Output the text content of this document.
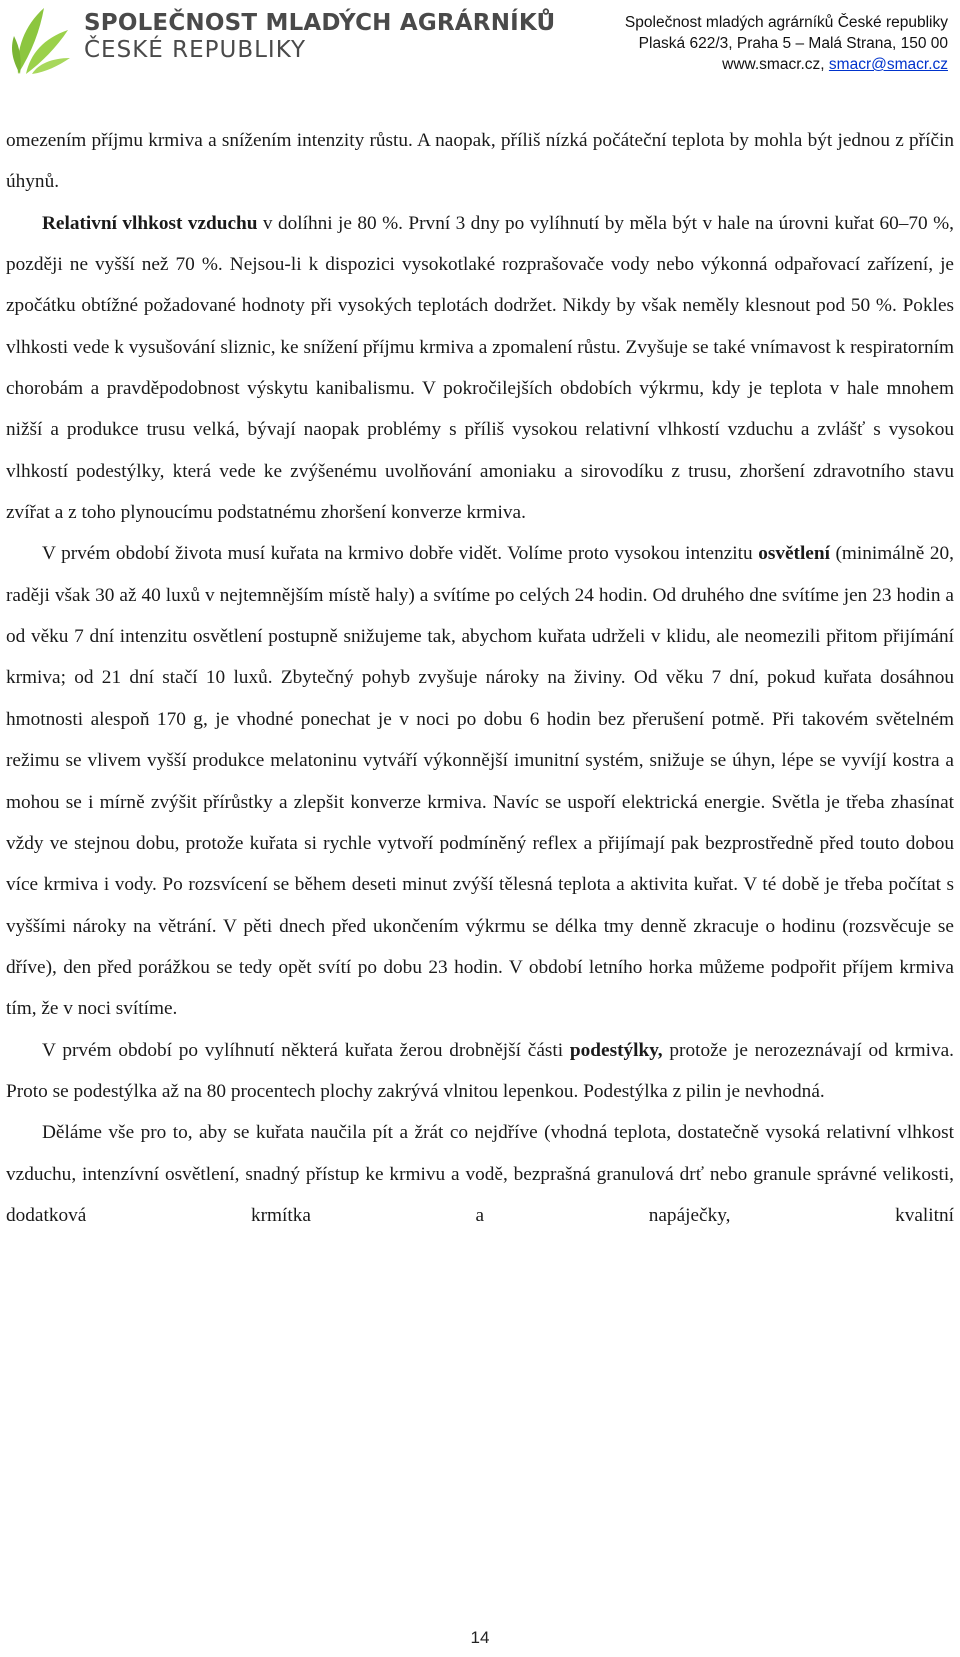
SPOLEČNOST MLADÝCH AGRÁRNÍKŮ
ČESKÉ REPUBLIKY
Společnost mladých agrárníků České republiky
Plaská 622/3, Praha 5 – Malá Strana, 150 00
www.smacr.cz, smacr@smacr.cz

omezením příjmu krmiva a snížením intenzity růstu. A naopak, příliš nízká počáteční teplota by mohla být jednou z příčin úhynů.

Relativní vlhkost vzduchu v dolíhni je 80 %. První 3 dny po vylíhnutí by měla být v hale na úrovni kuřat 60–70 %, později ne vyšší než 70 %. Nejsou-li k dispozici vysokotlaké rozprašovače vody nebo výkonná odpařovací zařízení, je zpočátku obtížné požadované hodnoty při vysokých teplotách dodržet. Nikdy by však neměly klesnout pod 50 %. Pokles vlhkosti vede k vysušování sliznic, ke snížení příjmu krmiva a zpomalení růstu. Zvyšuje se také vnímavost k respiratorním chorobám a pravděpodobnost výskytu kanibalismu. V pokročilejších obdobích výkrmu, kdy je teplota v hale mnohem nižší a produkce trusu velká, bývají naopak problémy s příliš vysokou relativní vlhkostí vzduchu a zvlášť s vysokou vlhkostí podestýlky, která vede ke zvýšenému uvolňování amoniaku a sirovodíku z trusu, zhoršení zdravotního stavu zvířat a z toho plynoucímu podstatnému zhoršení konverze krmiva.

V prvém období života musí kuřata na krmivo dobře vidět. Volíme proto vysokou intenzitu osvětlení (minimálně 20, raději však 30 až 40 luxů v nejtemnějším místě haly) a svítíme po celých 24 hodin. Od druhého dne svítíme jen 23 hodin a od věku 7 dní intenzitu osvětlení postupně snižujeme tak, abychom kuřata udrželi v klidu, ale neomezili přitom přijímání krmiva; od 21 dní stačí 10 luxů. Zbytečný pohyb zvyšuje nároky na živiny. Od věku 7 dní, pokud kuřata dosáhnou hmotnosti alespoň 170 g, je vhodné ponechat je v noci po dobu 6 hodin bez přerušení potmě. Při takovém světelném režimu se vlivem vyšší produkce melatoninu vytváří výkonnější imunitní systém, snižuje se úhyn, lépe se vyvíjí kostra a mohou se i mírně zvýšit přírůstky a zlepšit konverze krmiva. Navíc se uspoří elektrická energie. Světla je třeba zhasínat vždy ve stejnou dobu, protože kuřata si rychle vytvoří podmíněný reflex a přijímají pak bezprostředně před touto dobou více krmiva i vody. Po rozsvícení se během deseti minut zvýší tělesná teplota a aktivita kuřat. V té době je třeba počítat s vyššími nároky na větrání. V pěti dnech před ukončením výkrmu se délka tmy denně zkracuje o hodinu (rozsvěcuje se dříve), den před porážkou se tedy opět svítí po dobu 23 hodin. V období letního horka můžeme podpořit příjem krmiva tím, že v noci svítíme.

V prvém období po vylíhnutí některá kuřata žerou drobnější části podestýlky, protože je nerozeznávají od krmiva. Proto se podestýlka až na 80 procentech plochy zakrývá vlnitou lepenkou. Podestýlka z pilin je nevhodná.

Děláme vše pro to, aby se kuřata naučila pít a žrát co nejdříve (vhodná teplota, dostatečně vysoká relativní vlhkost vzduchu, intenzívní osvětlení, snadný přístup ke krmivu a vodě, bezprašná granulová drť nebo granule správné velikosti, dodatková krmítka a napáječky, kvalitní

14
